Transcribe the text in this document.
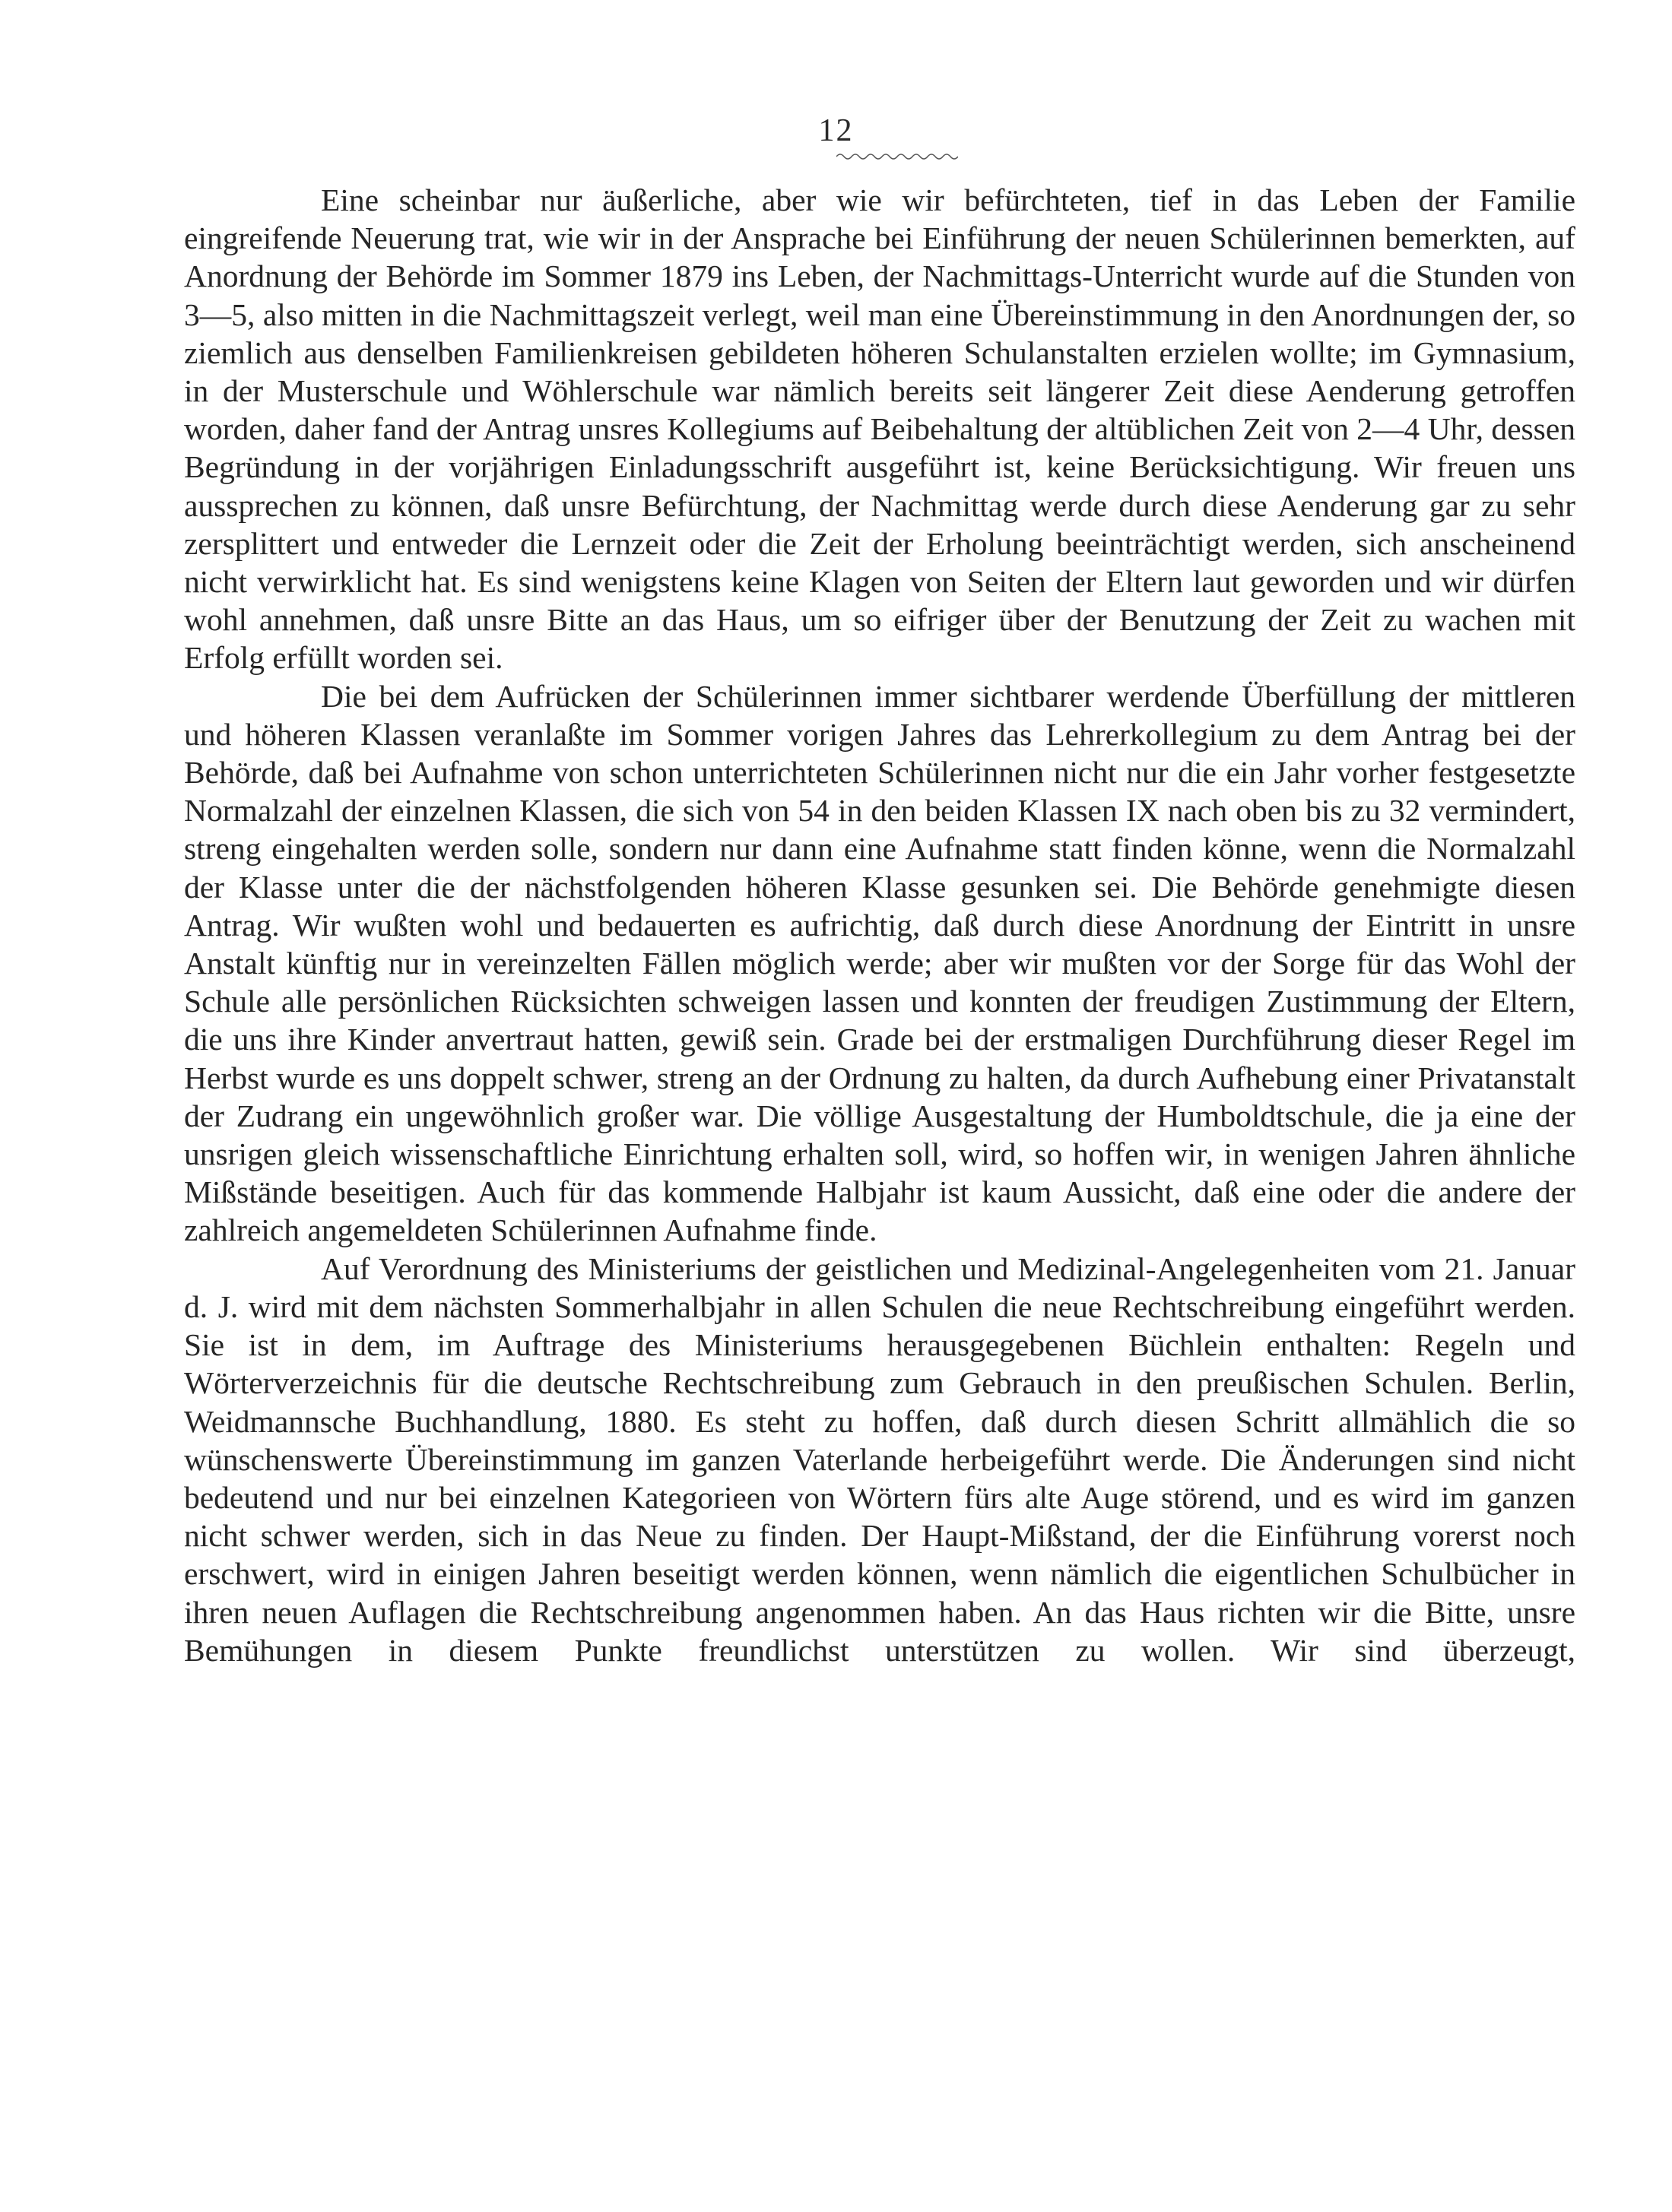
12

Eine scheinbar nur äußerliche, aber wie wir befürchteten, tief in das Leben der Familie eingreifende Neuerung trat, wie wir in der Ansprache bei Einführung der neuen Schülerinnen bemerkten, auf Anordnung der Behörde im Sommer 1879 ins Leben, der Nachmittags-Unterricht wurde auf die Stunden von 3—5, also mitten in die Nachmittagszeit verlegt, weil man eine Übereinstimmung in den Anordnungen der, so ziemlich aus denselben Familienkreisen gebildeten höheren Schulanstalten erzielen wollte; im Gymnasium, in der Musterschule und Wöhlerschule war nämlich bereits seit längerer Zeit diese Aenderung getroffen worden, daher fand der Antrag unsres Kollegiums auf Beibehaltung der altüblichen Zeit von 2—4 Uhr, dessen Begründung in der vorjährigen Einladungsschrift ausgeführt ist, keine Berücksichtigung. Wir freuen uns aussprechen zu können, daß unsre Befürchtung, der Nachmittag werde durch diese Aenderung gar zu sehr zersplittert und entweder die Lernzeit oder die Zeit der Erholung beeinträchtigt werden, sich anscheinend nicht verwirklicht hat. Es sind wenigstens keine Klagen von Seiten der Eltern laut geworden und wir dürfen wohl annehmen, daß unsre Bitte an das Haus, um so eifriger über der Benutzung der Zeit zu wachen mit Erfolg erfüllt worden sei.

Die bei dem Aufrücken der Schülerinnen immer sichtbarer werdende Überfüllung der mittleren und höheren Klassen veranlaßte im Sommer vorigen Jahres das Lehrerkollegium zu dem Antrag bei der Behörde, daß bei Aufnahme von schon unterrichteten Schülerinnen nicht nur die ein Jahr vorher festgesetzte Normalzahl der einzelnen Klassen, die sich von 54 in den beiden Klassen IX nach oben bis zu 32 vermindert, streng eingehalten werden solle, sondern nur dann eine Aufnahme statt finden könne, wenn die Normalzahl der Klasse unter die der nächstfolgenden höheren Klasse gesunken sei. Die Behörde genehmigte diesen Antrag. Wir wußten wohl und bedauerten es aufrichtig, daß durch diese Anordnung der Eintritt in unsre Anstalt künftig nur in vereinzelten Fällen möglich werde; aber wir mußten vor der Sorge für das Wohl der Schule alle persönlichen Rücksichten schweigen lassen und konnten der freudigen Zustimmung der Eltern, die uns ihre Kinder anvertraut hatten, gewiß sein. Grade bei der erstmaligen Durchführung dieser Regel im Herbst wurde es uns doppelt schwer, streng an der Ordnung zu halten, da durch Aufhebung einer Privatanstalt der Zudrang ein ungewöhnlich großer war. Die völlige Ausgestaltung der Humboldtschule, die ja eine der unsrigen gleich wissenschaftliche Einrichtung erhalten soll, wird, so hoffen wir, in wenigen Jahren ähnliche Mißstände beseitigen. Auch für das kommende Halbjahr ist kaum Aussicht, daß eine oder die andere der zahlreich angemeldeten Schülerinnen Aufnahme finde.

Auf Verordnung des Ministeriums der geistlichen und Medizinal-Angelegenheiten vom 21. Januar d. J. wird mit dem nächsten Sommerhalbjahr in allen Schulen die neue Rechtschreibung eingeführt werden. Sie ist in dem, im Auftrage des Ministeriums herausgegebenen Büchlein enthalten: Regeln und Wörterverzeichnis für die deutsche Rechtschreibung zum Gebrauch in den preußischen Schulen. Berlin, Weidmannsche Buchhandlung, 1880. Es steht zu hoffen, daß durch diesen Schritt allmählich die so wünschenswerte Übereinstimmung im ganzen Vaterlande herbeigeführt werde. Die Änderungen sind nicht bedeutend und nur bei einzelnen Kategorieen von Wörtern fürs alte Auge störend, und es wird im ganzen nicht schwer werden, sich in das Neue zu finden. Der Haupt-Mißstand, der die Einführung vorerst noch erschwert, wird in einigen Jahren beseitigt werden können, wenn nämlich die eigentlichen Schulbücher in ihren neuen Auflagen die Rechtschreibung angenommen haben. An das Haus richten wir die Bitte, unsre Bemühungen in diesem Punkte freundlichst unterstützen zu wollen. Wir sind überzeugt,
